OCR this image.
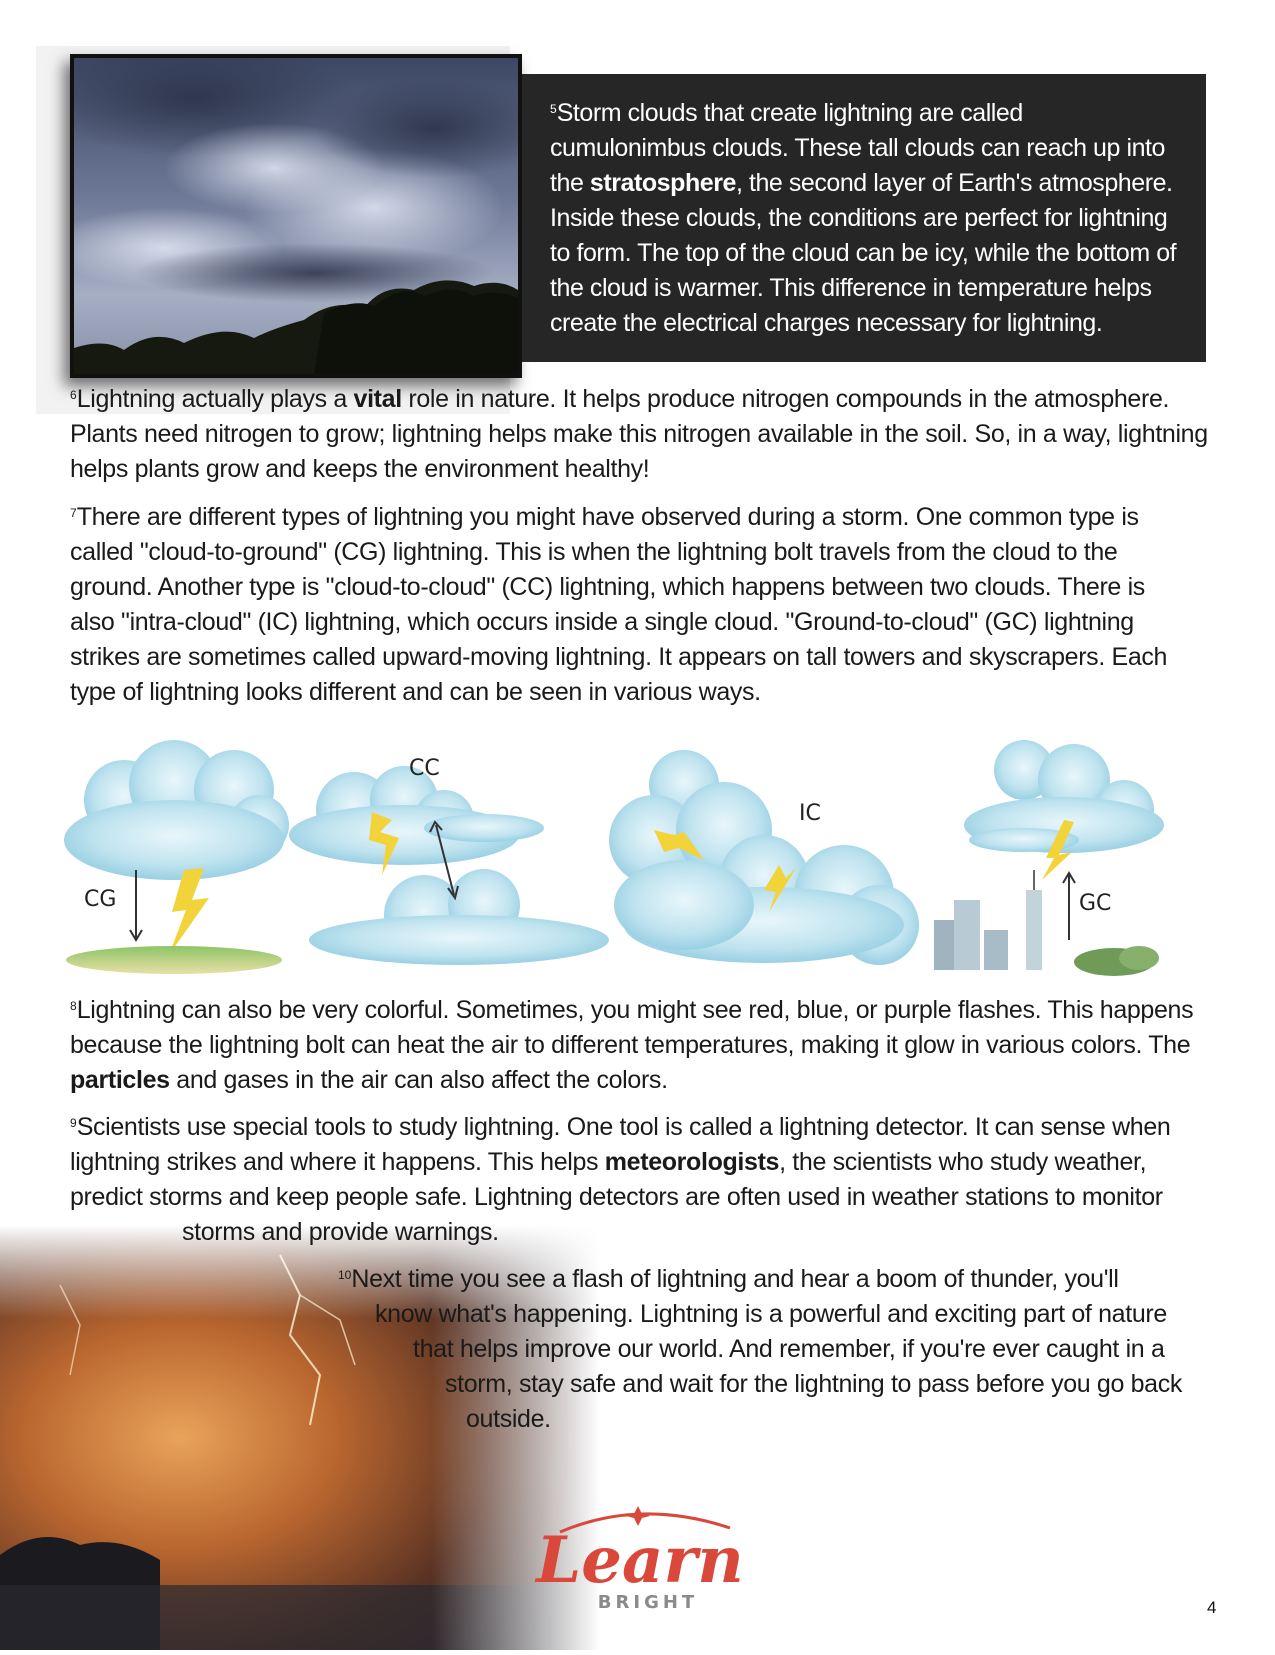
$^5$Storm clouds that create lightning are called cumulonimbus clouds. These tall clouds can reach up into the stratosphere, the second layer of Earth's atmosphere. Inside these clouds, the conditions are perfect for lightning to form. The top of the cloud can be icy, while the bottom of the cloud is warmer. This difference in temperature helps create the electrical charges necessary for lightning.

$^6$Lightning actually plays a vital role in nature. It helps produce nitrogen compounds in the atmosphere. Plants need nitrogen to grow; lightning helps make this nitrogen available in the soil. So, in a way, lightning helps plants grow and keeps the environment healthy!

$^7$There are different types of lightning you might have observed during a storm. One common type is called "cloud-to-ground" (CG) lightning. This is when the lightning bolt travels from the cloud to the ground. Another type is "cloud-to-cloud" (CC) lightning, which happens between two clouds. There is also "intra-cloud" (IC) lightning, which occurs inside a single cloud. "Ground-to-cloud" (GC) lightning strikes are sometimes called upward-moving lightning. It appears on tall towers and skyscrapers. Each type of lightning looks different and can be seen in various ways.

CG
CC
IC
GC

$^8$Lightning can also be very colorful. Sometimes, you might see red, blue, or purple flashes. This happens because the lightning bolt can heat the air to different temperatures, making it glow in various colors. The particles and gases in the air can also affect the colors.

$^9$Scientists use special tools to study lightning. One tool is called a lightning detector. It can sense when
lightning strikes and where it happens. This helps meteorologists, the scientists who study weather,
predict storms and keep people safe. Lightning detectors are often used in weather stations to monitor
storms and provide warnings.
$^{10}$Next time you see a flash of lightning and hear a boom of thunder, you'll
know what's happening. Lightning is a powerful and exciting part of nature
that helps improve our world. And remember, if you're ever caught in a
storm, stay safe and wait for the lightning to pass before you go back
outside.
Learn
BRIGHT	4
